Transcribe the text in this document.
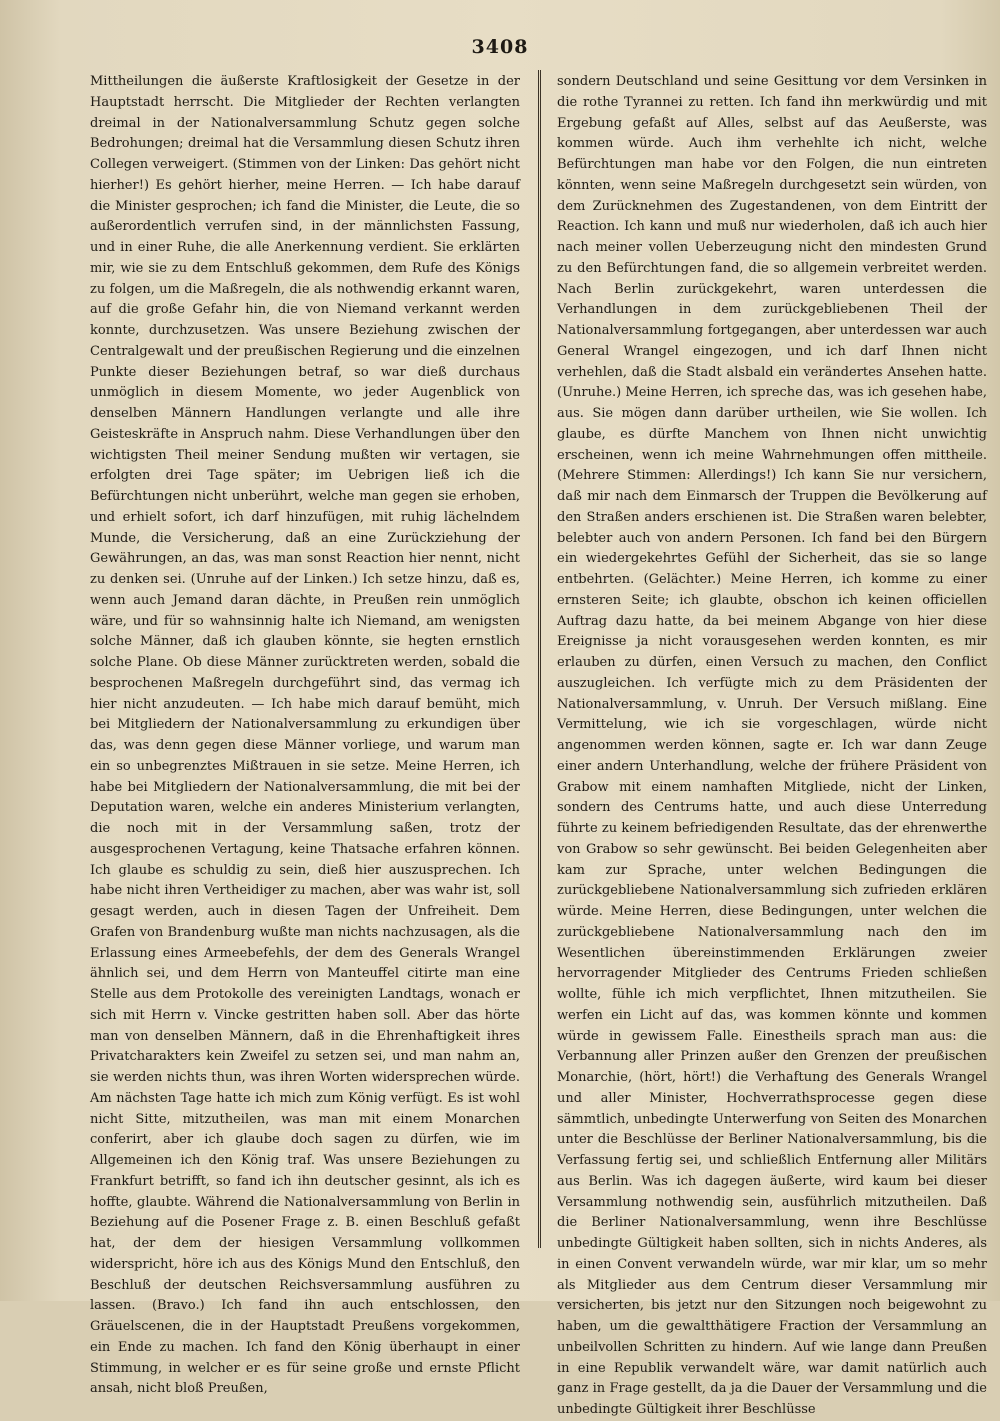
3408

Mittheilungen die äußerste Kraftlosigkeit der Gesetze in der Hauptstadt herrscht. Die Mitglieder der Rechten verlangten dreimal in der Nationalversammlung Schutz gegen solche Bedrohungen; dreimal hat die Versammlung diesen Schutz ihren Collegen verweigert. (Stimmen von der Linken: Das gehört nicht hierher!) Es gehört hierher, meine Herren. — Ich habe darauf die Minister gesprochen; ich fand die Minister, die Leute, die so außerordentlich verrufen sind, in der männlichsten Fassung, und in einer Ruhe, die alle Anerkennung verdient. Sie erklärten mir, wie sie zu dem Entschluß gekommen, dem Rufe des Königs zu folgen, um die Maßregeln, die als nothwendig erkannt waren, auf die große Gefahr hin, die von Niemand verkannt werden konnte, durchzusetzen. Was unsere Beziehung zwischen der Centralgewalt und der preußischen Regierung und die einzelnen Punkte dieser Beziehungen betraf, so war dieß durchaus unmöglich in diesem Momente, wo jeder Augenblick von denselben Männern Handlungen verlangte und alle ihre Geisteskräfte in Anspruch nahm. Diese Verhandlungen über den wichtigsten Theil meiner Sendung mußten wir vertagen, sie erfolgten drei Tage später; im Uebrigen ließ ich die Befürchtungen nicht unberührt, welche man gegen sie erhoben, und erhielt sofort, ich darf hinzufügen, mit ruhig lächelndem Munde, die Versicherung, daß an eine Zurückziehung der Gewährungen, an das, was man sonst Reaction hier nennt, nicht zu denken sei. (Unruhe auf der Linken.) Ich setze hinzu, daß es, wenn auch Jemand daran dächte, in Preußen rein unmöglich wäre, und für so wahnsinnig halte ich Niemand, am wenigsten solche Männer, daß ich glauben könnte, sie hegten ernstlich solche Plane. Ob diese Männer zurücktreten werden, sobald die besprochenen Maßregeln durchgeführt sind, das vermag ich hier nicht anzudeuten. — Ich habe mich darauf bemüht, mich bei Mitgliedern der Nationalversammlung zu erkundigen über das, was denn gegen diese Männer vorliege, und warum man ein so unbegrenztes Mißtrauen in sie setze. Meine Herren, ich habe bei Mitgliedern der Nationalversammlung, die mit bei der Deputation waren, welche ein anderes Ministerium verlangten, die noch mit in der Versammlung saßen, trotz der ausgesprochenen Vertagung, keine Thatsache erfahren können. Ich glaube es schuldig zu sein, dieß hier auszusprechen. Ich habe nicht ihren Vertheidiger zu machen, aber was wahr ist, soll gesagt werden, auch in diesen Tagen der Unfreiheit. Dem Grafen von Brandenburg wußte man nichts nachzusagen, als die Erlassung eines Armeebefehls, der dem des Generals Wrangel ähnlich sei, und dem Herrn von Manteuffel citirte man eine Stelle aus dem Protokolle des vereinigten Landtags, wonach er sich mit Herrn v. Vincke gestritten haben soll. Aber das hörte man von denselben Männern, daß in die Ehrenhaftigkeit ihres Privatcharakters kein Zweifel zu setzen sei, und man nahm an, sie werden nichts thun, was ihren Worten widersprechen würde. Am nächsten Tage hatte ich mich zum König verfügt. Es ist wohl nicht Sitte, mitzutheilen, was man mit einem Monarchen conferirt, aber ich glaube doch sagen zu dürfen, wie im Allgemeinen ich den König traf. Was unsere Beziehungen zu Frankfurt betrifft, so fand ich ihn deutscher gesinnt, als ich es hoffte, glaubte. Während die Nationalversammlung von Berlin in Beziehung auf die Posener Frage z. B. einen Beschluß gefaßt hat, der dem der hiesigen Versammlung vollkommen widerspricht, höre ich aus des Königs Mund den Entschluß, den Beschluß der deutschen Reichsversammlung ausführen zu lassen. (Bravo.) Ich fand ihn auch entschlossen, den Gräuelscenen, die in der Hauptstadt Preußens vorgekommen, ein Ende zu machen. Ich fand den König überhaupt in einer Stimmung, in welcher er es für seine große und ernste Pflicht ansah, nicht bloß Preußen,

sondern Deutschland und seine Gesittung vor dem Versinken in die rothe Tyrannei zu retten. Ich fand ihn merkwürdig und mit Ergebung gefaßt auf Alles, selbst auf das Aeußerste, was kommen würde. Auch ihm verhehlte ich nicht, welche Befürchtungen man habe vor den Folgen, die nun eintreten könnten, wenn seine Maßregeln durchgesetzt sein würden, von dem Zurücknehmen des Zugestandenen, von dem Eintritt der Reaction. Ich kann und muß nur wiederholen, daß ich auch hier nach meiner vollen Ueberzeugung nicht den mindesten Grund zu den Befürchtungen fand, die so allgemein verbreitet werden. Nach Berlin zurückgekehrt, waren unterdessen die Verhandlungen in dem zurückgebliebenen Theil der Nationalversammlung fortgegangen, aber unterdessen war auch General Wrangel eingezogen, und ich darf Ihnen nicht verhehlen, daß die Stadt alsbald ein verändertes Ansehen hatte. (Unruhe.) Meine Herren, ich spreche das, was ich gesehen habe, aus. Sie mögen dann darüber urtheilen, wie Sie wollen. Ich glaube, es dürfte Manchem von Ihnen nicht unwichtig erscheinen, wenn ich meine Wahrnehmungen offen mittheile. (Mehrere Stimmen: Allerdings!) Ich kann Sie nur versichern, daß mir nach dem Einmarsch der Truppen die Bevölkerung auf den Straßen anders erschienen ist. Die Straßen waren belebter, belebter auch von andern Personen. Ich fand bei den Bürgern ein wiedergekehrtes Gefühl der Sicherheit, das sie so lange entbehrten. (Gelächter.) Meine Herren, ich komme zu einer ernsteren Seite; ich glaubte, obschon ich keinen officiellen Auftrag dazu hatte, da bei meinem Abgange von hier diese Ereignisse ja nicht vorausgesehen werden konnten, es mir erlauben zu dürfen, einen Versuch zu machen, den Conflict auszugleichen. Ich verfügte mich zu dem Präsidenten der Nationalversammlung, v. Unruh. Der Versuch mißlang. Eine Vermittelung, wie ich sie vorgeschlagen, würde nicht angenommen werden können, sagte er. Ich war dann Zeuge einer andern Unterhandlung, welche der frühere Präsident von Grabow mit einem namhaften Mitgliede, nicht der Linken, sondern des Centrums hatte, und auch diese Unterredung führte zu keinem befriedigenden Resultate, das der ehrenwerthe von Grabow so sehr gewünscht. Bei beiden Gelegenheiten aber kam zur Sprache, unter welchen Bedingungen die zurückgebliebene Nationalversammlung sich zufrieden erklären würde. Meine Herren, diese Bedingungen, unter welchen die zurückgebliebene Nationalversammlung nach den im Wesentlichen übereinstimmenden Erklärungen zweier hervorragender Mitglieder des Centrums Frieden schließen wollte, fühle ich mich verpflichtet, Ihnen mitzutheilen. Sie werfen ein Licht auf das, was kommen könnte und kommen würde in gewissem Falle. Einestheils sprach man aus: die Verbannung aller Prinzen außer den Grenzen der preußischen Monarchie, (hört, hört!) die Verhaftung des Generals Wrangel und aller Minister, Hochverrathsprocesse gegen diese sämmtlich, unbedingte Unterwerfung von Seiten des Monarchen unter die Beschlüsse der Berliner Nationalversammlung, bis die Verfassung fertig sei, und schließlich Entfernung aller Militärs aus Berlin. Was ich dagegen äußerte, wird kaum bei dieser Versammlung nothwendig sein, ausführlich mitzutheilen. Daß die Berliner Nationalversammlung, wenn ihre Beschlüsse unbedingte Gültigkeit haben sollten, sich in nichts Anderes, als in einen Convent verwandeln würde, war mir klar, um so mehr als Mitglieder aus dem Centrum dieser Versammlung mir versicherten, bis jetzt nur den Sitzungen noch beigewohnt zu haben, um die gewaltthätigere Fraction der Versammlung an unbeilvollen Schritten zu hindern. Auf wie lange dann Preußen in eine Republik verwandelt wäre, war damit natürlich auch ganz in Frage gestellt, da ja die Dauer der Versammlung und die unbedingte Gültigkeit ihrer Beschlüsse
